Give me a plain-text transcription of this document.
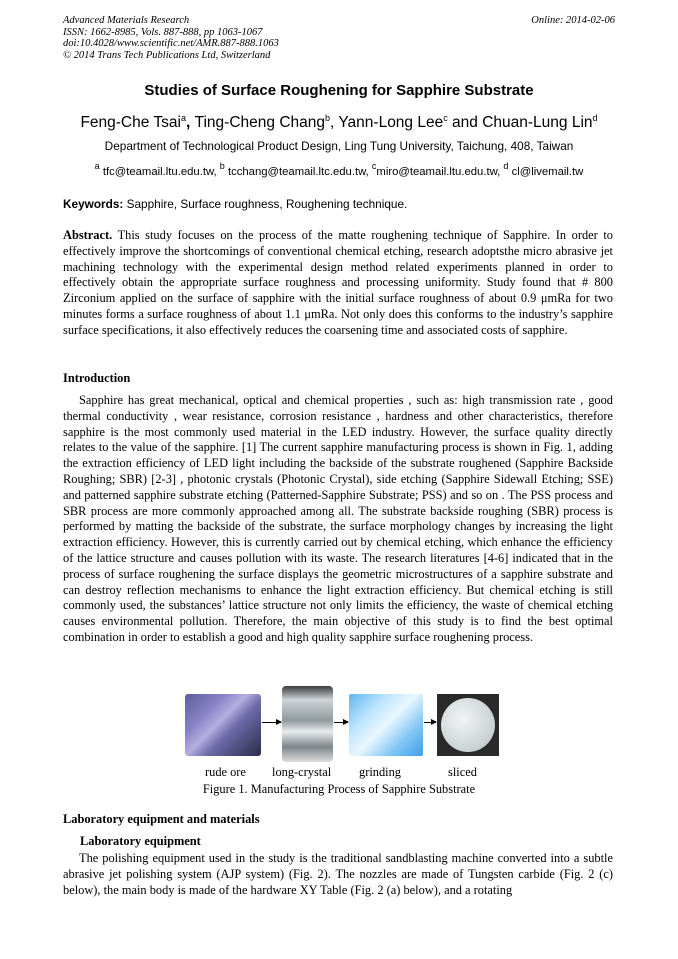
Advanced Materials Research
ISSN: 1662-8985, Vols. 887-888, pp 1063-1067
doi:10.4028/www.scientific.net/AMR.887-888.1063
© 2014 Trans Tech Publications Ltd, Switzerland
Online: 2014-02-06
Studies of Surface Roughening for Sapphire Substrate
Feng-Che Tsai$^a$, Ting-Cheng Chang$^b$, Yann-Long Lee$^c$ and Chuan-Lung Lin$^d$
Department of Technological Product Design, Ling Tung University, Taichung, 408, Taiwan
$^a$ tfc@teamail.ltu.edu.tw, $^b$ tcchang@teamail.ltc.edu.tw, $^c$miro@teamail.ltu.edu.tw, $^d$ cl@livemail.tw
Keywords: Sapphire, Surface roughness, Roughening technique.

Abstract. This study focuses on the process of the matte roughening technique of Sapphire. In order to effectively improve the shortcomings of conventional chemical etching, research adoptsthe micro abrasive jet machining technology with the experimental design method related experiments planned in order to effectively obtain the appropriate surface roughness and processing uniformity. Study found that # 800 Zirconium applied on the surface of sapphire with the initial surface roughness of about 0.9 μmRa for two minutes forms a surface roughness of about 1.1 μmRa. Not only does this conforms to the industry’s sapphire surface specifications, it also effectively reduces the coarsening time and associated costs of sapphire.

Introduction

Sapphire has great mechanical, optical and chemical properties , such as: high transmission rate , good thermal conductivity , wear resistance, corrosion resistance , hardness and other characteristics, therefore sapphire is the most commonly used material in the LED industry. However, the surface quality directly relates to the value of the sapphire. [1] The current sapphire manufacturing process is shown in Fig. 1, adding the extraction efficiency of LED light including the backside of the substrate roughened (Sapphire Backside Roughing; SBR) [2-3] , photonic crystals (Photonic Crystal), side etching (Sapphire Sidewall Etching; SSE) and patterned sapphire substrate etching (Patterned-Sapphire Substrate; PSS) and so on . The PSS process and SBR process are more commonly approached among all. The substrate backside roughing (SBR) process is performed by matting the backside of the substrate, the surface morphology changes by increasing the light extraction efficiency. However, this is currently carried out by chemical etching, which enhance the efficiency of the lattice structure and causes pollution with its waste. The research literatures [4-6] indicated that in the process of surface roughening the surface displays the geometric microstructures of a sapphire substrate and can destroy reflection mechanisms to enhance the light extraction efficiency. But chemical etching is still commonly used, the substances’ lattice structure not only limits the efficiency, the waste of chemical etching causes environmental pollution. Therefore, the main objective of this study is to find the best optimal combination in order to establish a good and high quality sapphire surface roughening process.

rude ore long-crystal grinding	sliced
Figure 1. Manufacturing Process of Sapphire Substrate
Laboratory equipment and materials
Laboratory equipment

The polishing equipment used in the study is the traditional sandblasting machine converted into a subtle abrasive jet polishing system (AJP system) (Fig. 2). The nozzles are made of Tungsten carbide (Fig. 2 (c) below), the main body is made of the hardware XY Table (Fig. 2 (a) below), and a rotating
